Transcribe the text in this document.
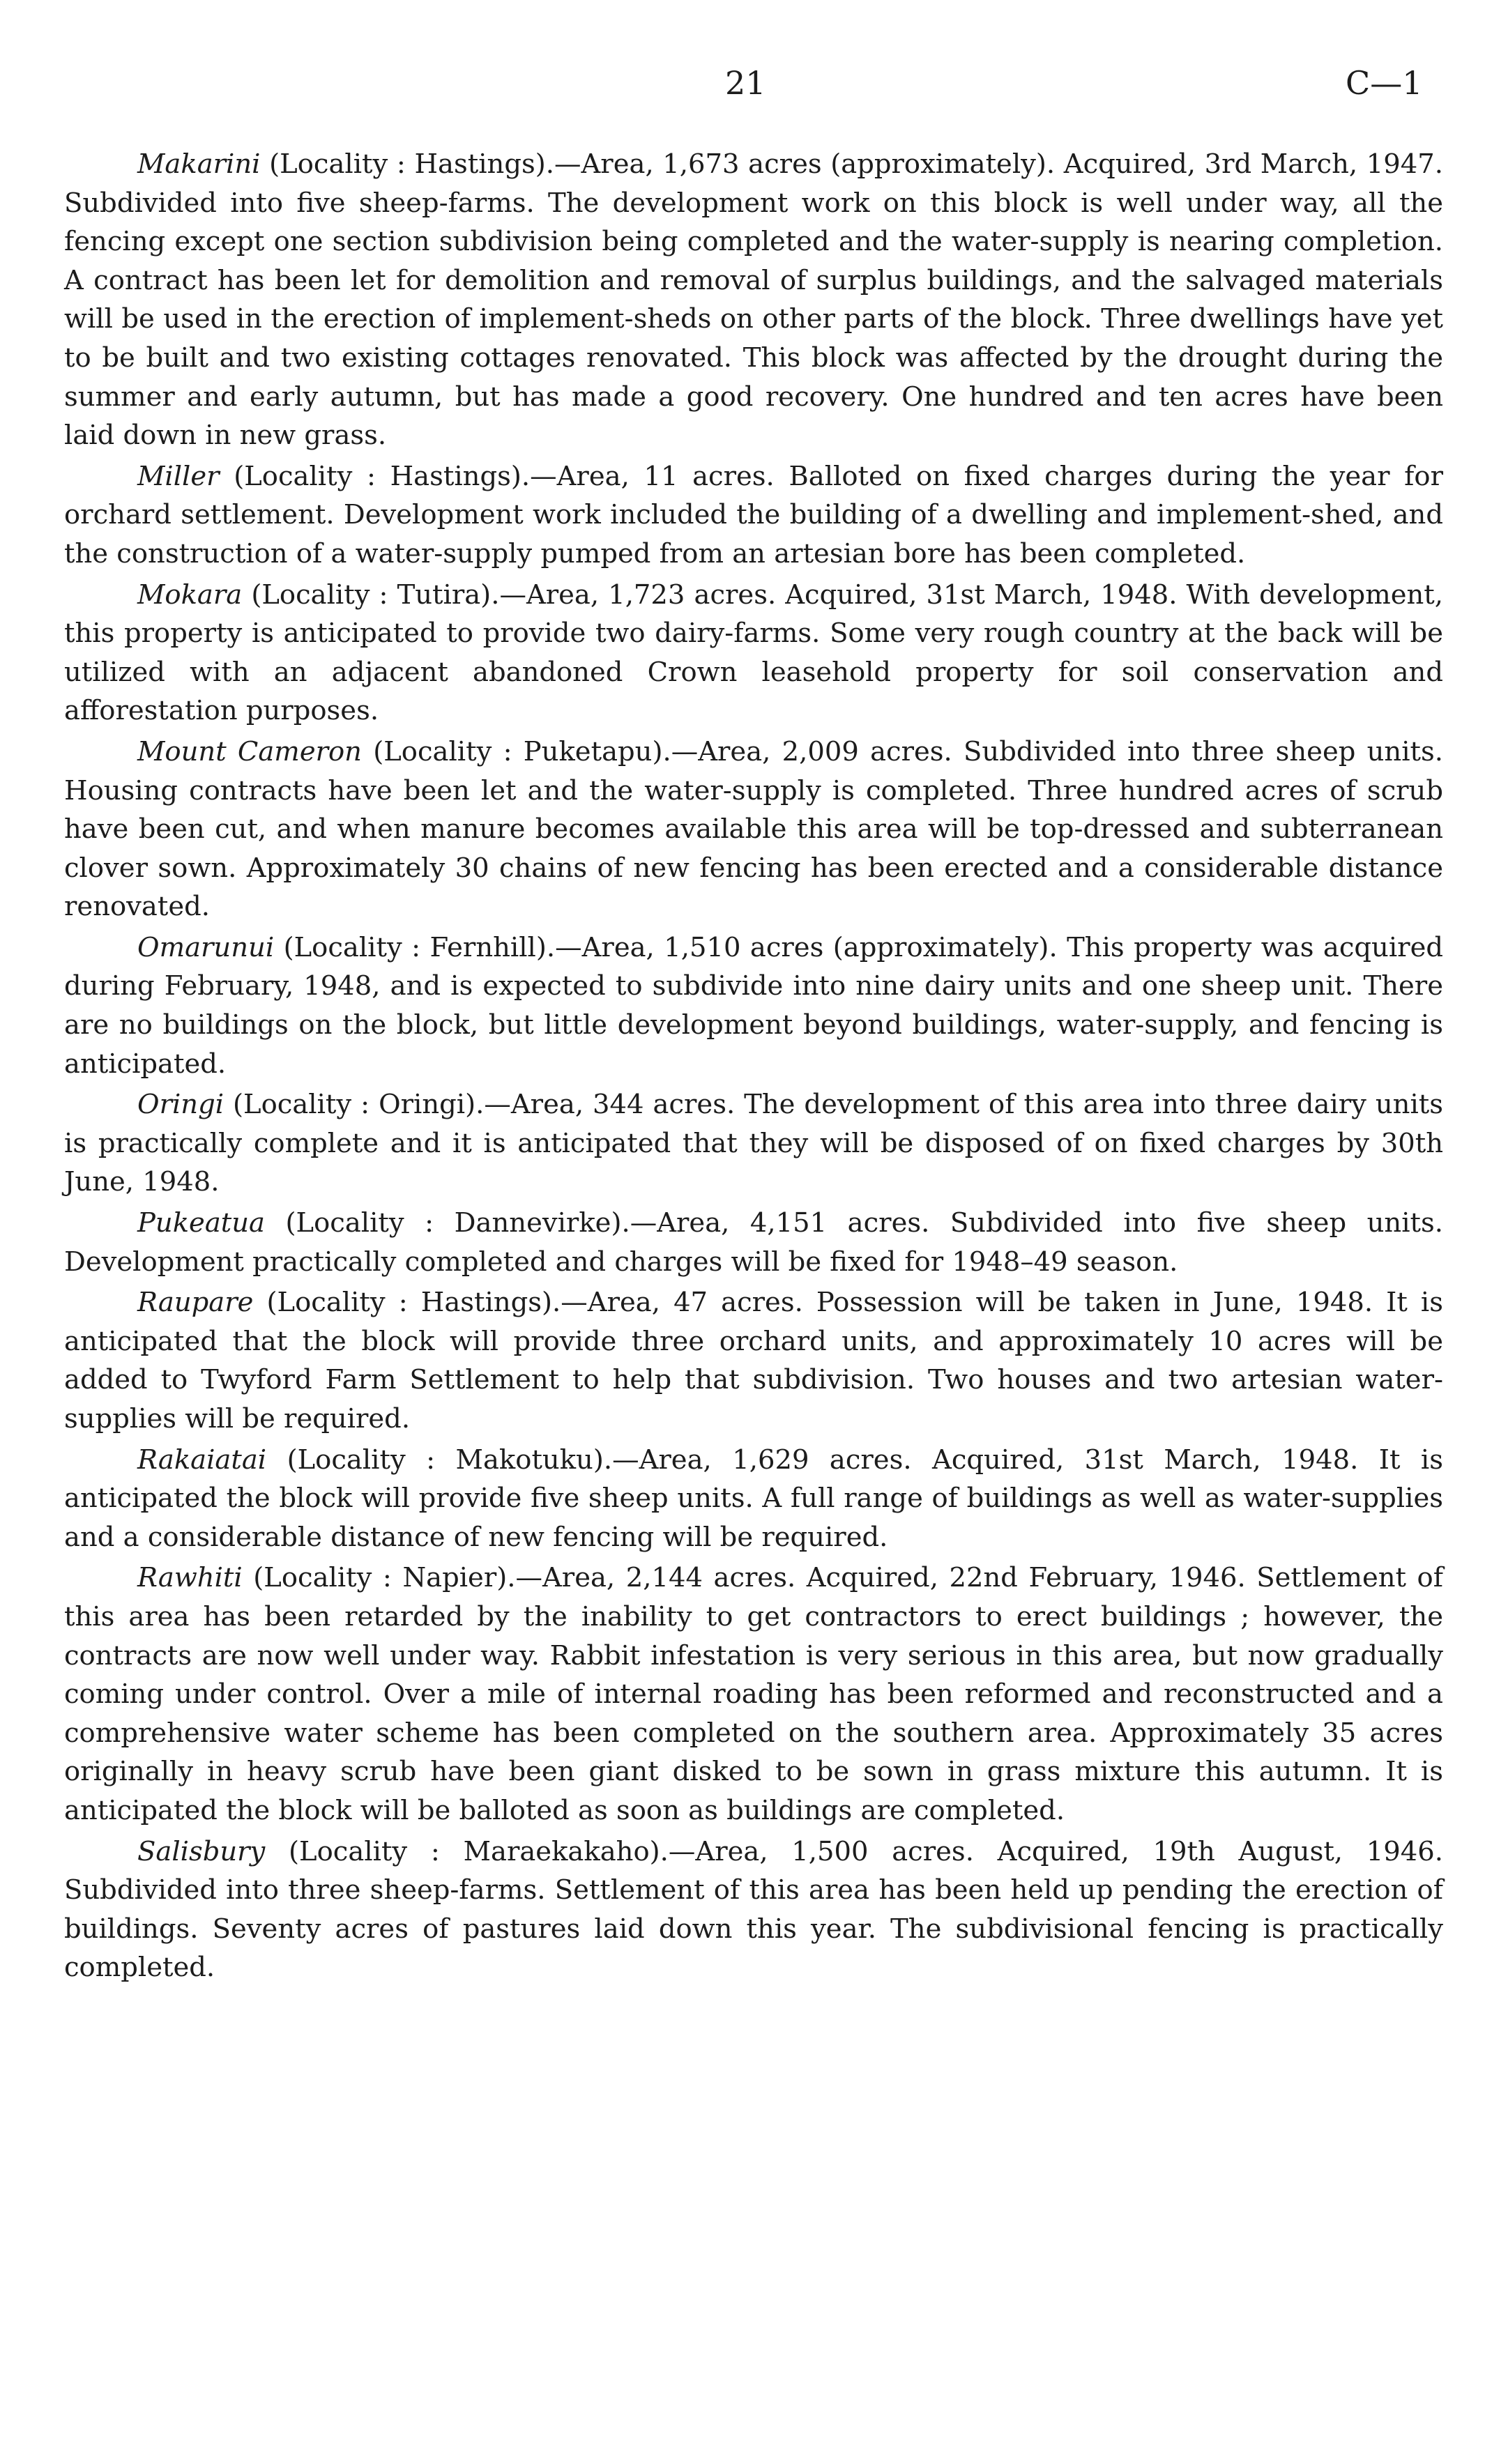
21	C—1

Makarini (Locality : Hastings).—Area, 1,673 acres (approximately). Acquired, 3rd March, 1947. Subdivided into five sheep-farms. The development work on this block is well under way, all the fencing except one section subdivision being completed and the water-supply is nearing completion. A contract has been let for demolition and removal of surplus buildings, and the salvaged materials will be used in the erection of implement-sheds on other parts of the block. Three dwellings have yet to be built and two existing cottages renovated. This block was affected by the drought during the summer and early autumn, but has made a good recovery. One hundred and ten acres have been laid down in new grass.

Miller (Locality : Hastings).—Area, 11 acres. Balloted on fixed charges during the year for orchard settlement. Development work included the building of a dwelling and implement-shed, and the construction of a water-supply pumped from an artesian bore has been completed.

Mokara (Locality : Tutira).—Area, 1,723 acres. Acquired, 31st March, 1948. With development, this property is anticipated to provide two dairy-farms. Some very rough country at the back will be utilized with an adjacent abandoned Crown leasehold property for soil conservation and afforestation purposes.

Mount Cameron (Locality : Puketapu).—Area, 2,009 acres. Subdivided into three sheep units. Housing contracts have been let and the water-supply is completed. Three hundred acres of scrub have been cut, and when manure becomes available this area will be top-dressed and subterranean clover sown. Approximately 30 chains of new fencing has been erected and a considerable distance renovated.

Omarunui (Locality : Fernhill).—Area, 1,510 acres (approximately). This property was acquired during February, 1948, and is expected to subdivide into nine dairy units and one sheep unit. There are no buildings on the block, but little development beyond buildings, water-supply, and fencing is anticipated.

Oringi (Locality : Oringi).—Area, 344 acres. The development of this area into three dairy units is practically complete and it is anticipated that they will be disposed of on fixed charges by 30th June, 1948.

Pukeatua (Locality : Dannevirke).—Area, 4,151 acres. Subdivided into five sheep units. Development practically completed and charges will be fixed for 1948–49 season.

Raupare (Locality : Hastings).—Area, 47 acres. Possession will be taken in June, 1948. It is anticipated that the block will provide three orchard units, and approximately 10 acres will be added to Twyford Farm Settlement to help that subdivision. Two houses and two artesian water-supplies will be required.

Rakaiatai (Locality : Makotuku).—Area, 1,629 acres. Acquired, 31st March, 1948. It is anticipated the block will provide five sheep units. A full range of buildings as well as water-supplies and a considerable distance of new fencing will be required.

Rawhiti (Locality : Napier).—Area, 2,144 acres. Acquired, 22nd February, 1946. Settlement of this area has been retarded by the inability to get contractors to erect buildings ; however, the contracts are now well under way. Rabbit infestation is very serious in this area, but now gradually coming under control. Over a mile of internal roading has been reformed and reconstructed and a comprehensive water scheme has been completed on the southern area. Approximately 35 acres originally in heavy scrub have been giant disked to be sown in grass mixture this autumn. It is anticipated the block will be balloted as soon as buildings are completed.

Salisbury (Locality : Maraekakaho).—Area, 1,500 acres. Acquired, 19th August, 1946. Subdivided into three sheep-farms. Settlement of this area has been held up pending the erection of buildings. Seventy acres of pastures laid down this year. The subdivisional fencing is practically completed.
